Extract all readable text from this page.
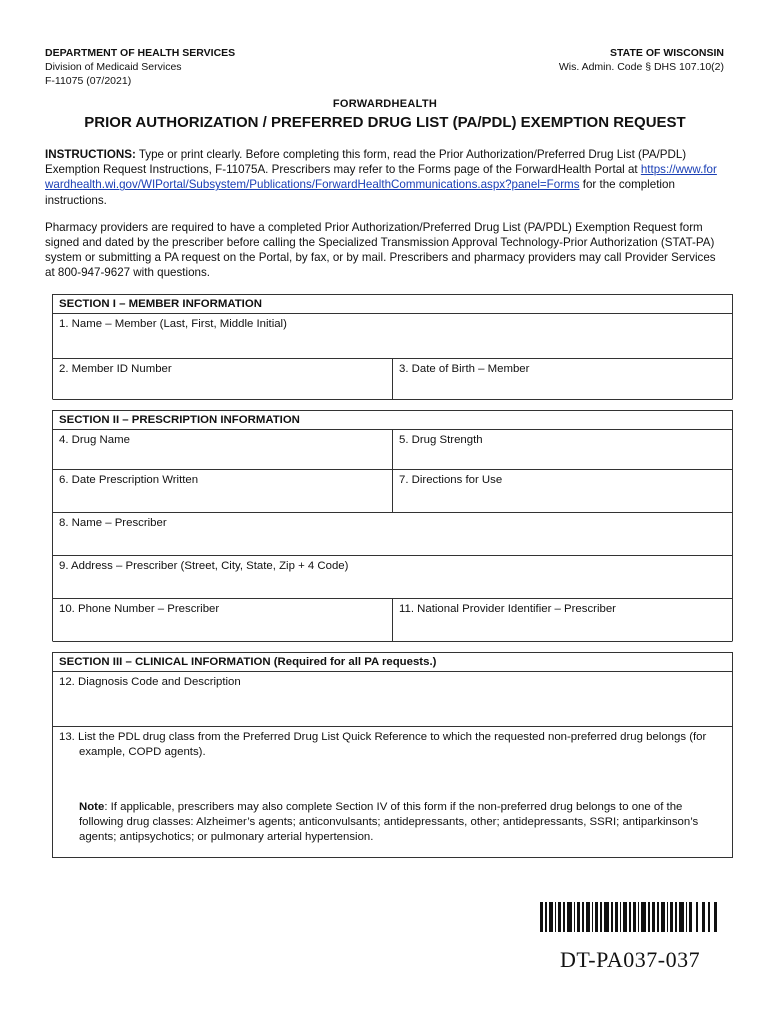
DEPARTMENT OF HEALTH SERVICES
Division of Medicaid Services
F-11075 (07/2021)
STATE OF WISCONSIN
Wis. Admin. Code § DHS 107.10(2)
FORWARDHEALTH
PRIOR AUTHORIZATION / PREFERRED DRUG LIST (PA/PDL) EXEMPTION REQUEST

INSTRUCTIONS: Type or print clearly. Before completing this form, read the Prior Authorization/Preferred Drug List (PA/PDL) Exemption Request Instructions, F-11075A. Prescribers may refer to the Forms page of the ForwardHealth Portal at https://www.forwardhealth.wi.gov/WIPortal/Subsystem/Publications/ForwardHealthCommunications.aspx?panel=Forms for the completion instructions.

Pharmacy providers are required to have a completed Prior Authorization/Preferred Drug List (PA/PDL) Exemption Request form signed and dated by the prescriber before calling the Specialized Transmission Approval Technology-Prior Authorization (STAT-PA) system or submitting a PA request on the Portal, by fax, or by mail. Prescribers and pharmacy providers may call Provider Services at 800-947-9627 with questions.

SECTION I – MEMBER INFORMATION
1. Name – Member (Last, First, Middle Initial)
2. Member ID Number	3. Date of Birth – Member
SECTION II – PRESCRIPTION INFORMATION
4. Drug Name	5. Drug Strength
6. Date Prescription Written	7. Directions for Use
8. Name – Prescriber
9. Address – Prescriber (Street, City, State, Zip + 4 Code)
10. Phone Number – Prescriber	11. National Provider Identifier – Prescriber
SECTION III – CLINICAL INFORMATION (Required for all PA requests.)
12. Diagnosis Code and Description
13. List the PDL drug class from the Preferred Drug List Quick Reference to which the requested non-preferred drug belongs (for example, COPD agents).
Note: If applicable, prescribers may also complete Section IV of this form if the non-preferred drug belongs to one of the following drug classes: Alzheimer’s agents; anticonvulsants; antidepressants, other; antidepressants, SSRI; antiparkinson’s agents; antipsychotics; or pulmonary arterial hypertension.
DT-PA037-037
